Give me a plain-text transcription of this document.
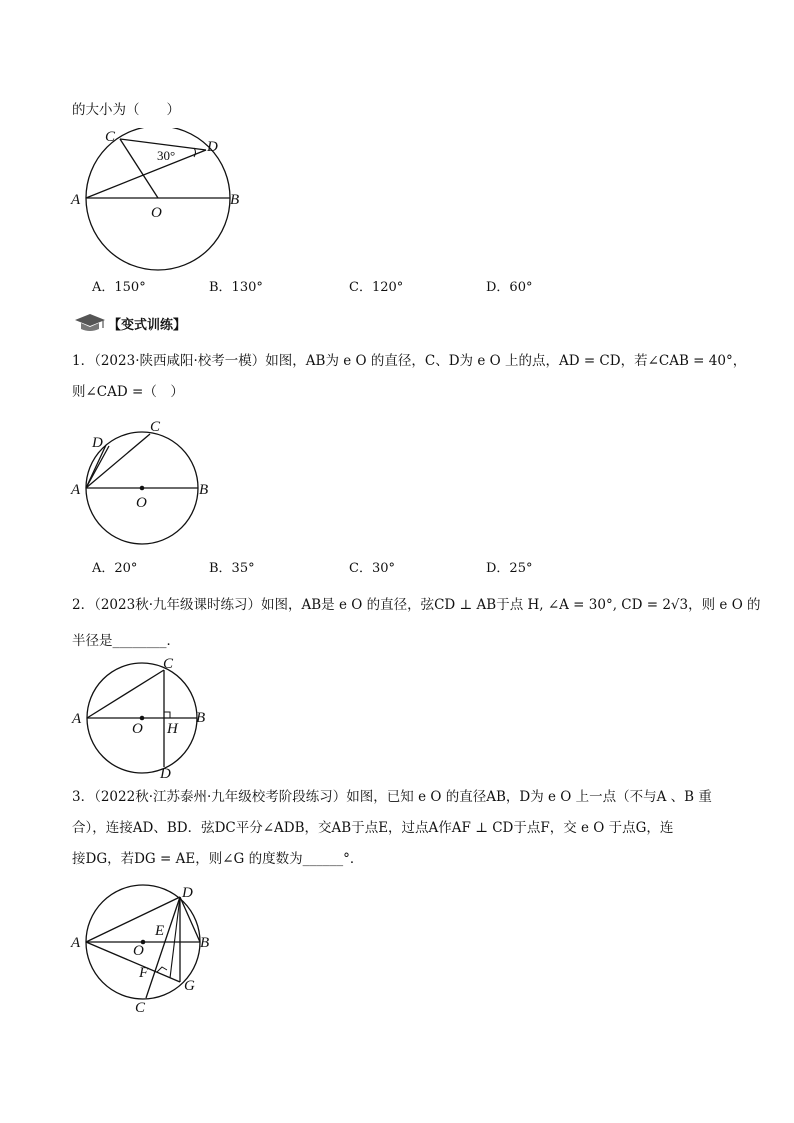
的大小为（　　）
C
D
A	B
O
30°
A．150°	B．130°	C．120°	D．60°
【变式训练】
1．（2023·陕西咸阳·校考一模）如图，AB为 e O 的直径，C、D为 e O 上的点，AD = CD，若∠CAB = 40°，
则∠CAD =（　）
D
C
A	B
O
A．20°	B．35°	C．30°	D．25°
2．（2023秋·九年级课时练习）如图，AB是 e O 的直径，弦CD ⊥ AB于点 H, ∠A = 30°, CD = 2√3，则 e O 的
半径是________．
C
A	B
O H
D
3．（2022秋·江苏泰州·九年级校考阶段练习）如图，已知 e O 的直径AB，D为 e O 上一点（不与A 、B 重
合），连接AD、BD．弦DC平分∠ADB，交AB于点E，过点A作AF ⊥ CD于点F，交 e O 于点G，连
接DG，若DG = AE，则∠G 的度数为______°．
D
A	B
O
E
F
G
C
